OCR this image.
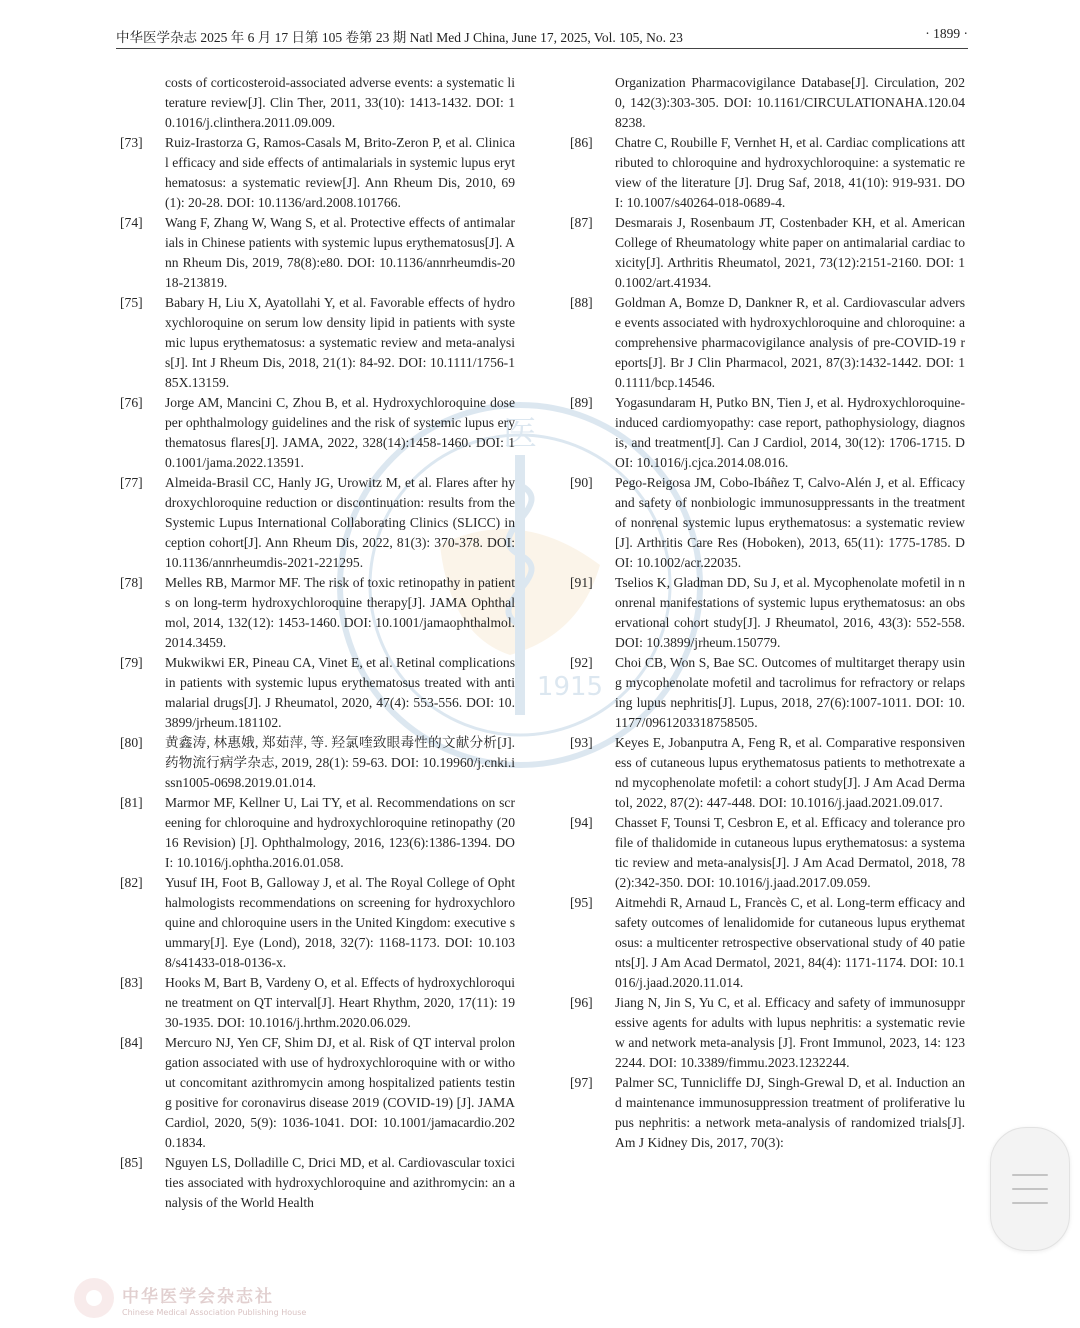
中华医学杂志 2025 年 6 月 17 日第 105 卷第 23 期 Natl Med J China, June 17, 2025, Vol. 105, No. 23	· 1899 ·
医
1915
costs of corticosteroid-associated adverse events: a systematic literature review[J]. Clin Ther, 2011, 33(10): 1413-1432. DOI: 10.1016/j.clinthera.2011.09.009.
[73]	Ruiz-Irastorza G, Ramos-Casals M, Brito-Zeron P, et al. Clinical efficacy and side effects of antimalarials in systemic lupus erythematosus: a systematic review[J]. Ann Rheum Dis, 2010, 69(1): 20-28. DOI: 10.1136/ard.2008.101766.
[74]	Wang F, Zhang W, Wang S, et al. Protective effects of antimalarials in Chinese patients with systemic lupus erythematosus[J]. Ann Rheum Dis, 2019, 78(8):e80. DOI: 10.1136/annrheumdis-2018-213819.
[75]	Babary H, Liu X, Ayatollahi Y, et al. Favorable effects of hydroxychloroquine on serum low density lipid in patients with systemic lupus erythematosus: a systematic review and meta-analysis[J]. Int J Rheum Dis, 2018, 21(1): 84-92. DOI: 10.1111/1756-185X.13159.
[76]	Jorge AM, Mancini C, Zhou B, et al. Hydroxychloroquine dose per ophthalmology guidelines and the risk of systemic lupus erythematosus flares[J]. JAMA, 2022, 328(14):1458-1460. DOI: 10.1001/jama.2022.13591.
[77]	Almeida-Brasil CC, Hanly JG, Urowitz M, et al. Flares after hydroxychloroquine reduction or discontinuation: results from the Systemic Lupus International Collaborating Clinics (SLICC) inception cohort[J]. Ann Rheum Dis, 2022, 81(3): 370-378. DOI: 10.1136/annrheumdis-2021-221295.
[78]	Melles RB, Marmor MF. The risk of toxic retinopathy in patients on long-term hydroxychloroquine therapy[J]. JAMA Ophthalmol, 2014, 132(12): 1453-1460. DOI: 10.1001/jamaophthalmol.2014.3459.
[79]	Mukwikwi ER, Pineau CA, Vinet E, et al. Retinal complications in patients with systemic lupus erythematosus treated with antimalarial drugs[J]. J Rheumatol, 2020, 47(4): 553-556. DOI: 10.3899/jrheum.181102.
[80]	黄鑫涛, 林惠娥, 郑茹萍, 等. 羟氯喹致眼毒性的文献分析[J]. 药物流行病学杂志, 2019, 28(1): 59-63. DOI: 10.19960/j.cnki.issn1005-0698.2019.01.014.
[81]	Marmor MF, Kellner U, Lai TY, et al. Recommendations on screening for chloroquine and hydroxychloroquine retinopathy (2016 Revision) [J]. Ophthalmology, 2016, 123(6):1386-1394. DOI: 10.1016/j.ophtha.2016.01.058.
[82]	Yusuf IH, Foot B, Galloway J, et al. The Royal College of Ophthalmologists recommendations on screening for hydroxychloroquine and chloroquine users in the United Kingdom: executive summary[J]. Eye (Lond), 2018, 32(7): 1168-1173. DOI: 10.1038/s41433-018-0136-x.
[83]	Hooks M, Bart B, Vardeny O, et al. Effects of hydroxychloroquine treatment on QT interval[J]. Heart Rhythm, 2020, 17(11): 1930-1935. DOI: 10.1016/j.hrthm.2020.06.029.
[84]	Mercuro NJ, Yen CF, Shim DJ, et al. Risk of QT interval prolongation associated with use of hydroxychloroquine with or without concomitant azithromycin among hospitalized patients testing positive for coronavirus disease 2019 (COVID-19) [J]. JAMA Cardiol, 2020, 5(9): 1036-1041. DOI: 10.1001/jamacardio.2020.1834.
[85]	Nguyen LS, Dolladille C, Drici MD, et al. Cardiovascular toxicities associated with hydroxychloroquine and azithromycin: an analysis of the World Health
Organization Pharmacovigilance Database[J]. Circulation, 2020, 142(3):303-305. DOI: 10.1161/CIRCULATIONAHA.120.048238.
[86]	Chatre C, Roubille F, Vernhet H, et al. Cardiac complications attributed to chloroquine and hydroxychloroquine: a systematic review of the literature [J]. Drug Saf, 2018, 41(10): 919-931. DOI: 10.1007/s40264-018-0689-4.
[87]	Desmarais J, Rosenbaum JT, Costenbader KH, et al. American College of Rheumatology white paper on antimalarial cardiac toxicity[J]. Arthritis Rheumatol, 2021, 73(12):2151-2160. DOI: 10.1002/art.41934.
[88]	Goldman A, Bomze D, Dankner R, et al. Cardiovascular adverse events associated with hydroxychloroquine and chloroquine: a comprehensive pharmacovigilance analysis of pre-COVID-19 reports[J]. Br J Clin Pharmacol, 2021, 87(3):1432-1442. DOI: 10.1111/bcp.14546.
[89]	Yogasundaram H, Putko BN, Tien J, et al. Hydroxychloroquine-induced cardiomyopathy: case report, pathophysiology, diagnosis, and treatment[J]. Can J Cardiol, 2014, 30(12): 1706-1715. DOI: 10.1016/j.cjca.2014.08.016.
[90]	Pego-Reigosa JM, Cobo-Ibáñez T, Calvo-Alén J, et al. Efficacy and safety of nonbiologic immunosuppressants in the treatment of nonrenal systemic lupus erythematosus: a systematic review[J]. Arthritis Care Res (Hoboken), 2013, 65(11): 1775-1785. DOI: 10.1002/acr.22035.
[91]	Tselios K, Gladman DD, Su J, et al. Mycophenolate mofetil in nonrenal manifestations of systemic lupus erythematosus: an observational cohort study[J]. J Rheumatol, 2016, 43(3): 552-558. DOI: 10.3899/jrheum.150779.
[92]	Choi CB, Won S, Bae SC. Outcomes of multitarget therapy using mycophenolate mofetil and tacrolimus for refractory or relapsing lupus nephritis[J]. Lupus, 2018, 27(6):1007-1011. DOI: 10.1177/0961203318758505.
[93]	Keyes E, Jobanputra A, Feng R, et al. Comparative responsiveness of cutaneous lupus erythematosus patients to methotrexate and mycophenolate mofetil: a cohort study[J]. J Am Acad Dermatol, 2022, 87(2): 447-448. DOI: 10.1016/j.jaad.2021.09.017.
[94]	Chasset F, Tounsi T, Cesbron E, et al. Efficacy and tolerance profile of thalidomide in cutaneous lupus erythematosus: a systematic review and meta-analysis[J]. J Am Acad Dermatol, 2018, 78(2):342-350. DOI: 10.1016/j.jaad.2017.09.059.
[95]	Aitmehdi R, Arnaud L, Francès C, et al. Long-term efficacy and safety outcomes of lenalidomide for cutaneous lupus erythematosus: a multicenter retrospective observational study of 40 patients[J]. J Am Acad Dermatol, 2021, 84(4): 1171-1174. DOI: 10.1016/j.jaad.2020.11.014.
[96]	Jiang N, Jin S, Yu C, et al. Efficacy and safety of immunosuppressive agents for adults with lupus nephritis: a systematic review and network meta-analysis [J]. Front Immunol, 2023, 14: 1232244. DOI: 10.3389/fimmu.2023.1232244.
[97]	Palmer SC, Tunnicliffe DJ, Singh-Grewal D, et al. Induction and maintenance immunosuppression treatment of proliferative lupus nephritis: a network meta-analysis of randomized trials[J]. Am J Kidney Dis, 2017, 70(3):
中华医学会杂志社
Chinese Medical Association Publishing House
